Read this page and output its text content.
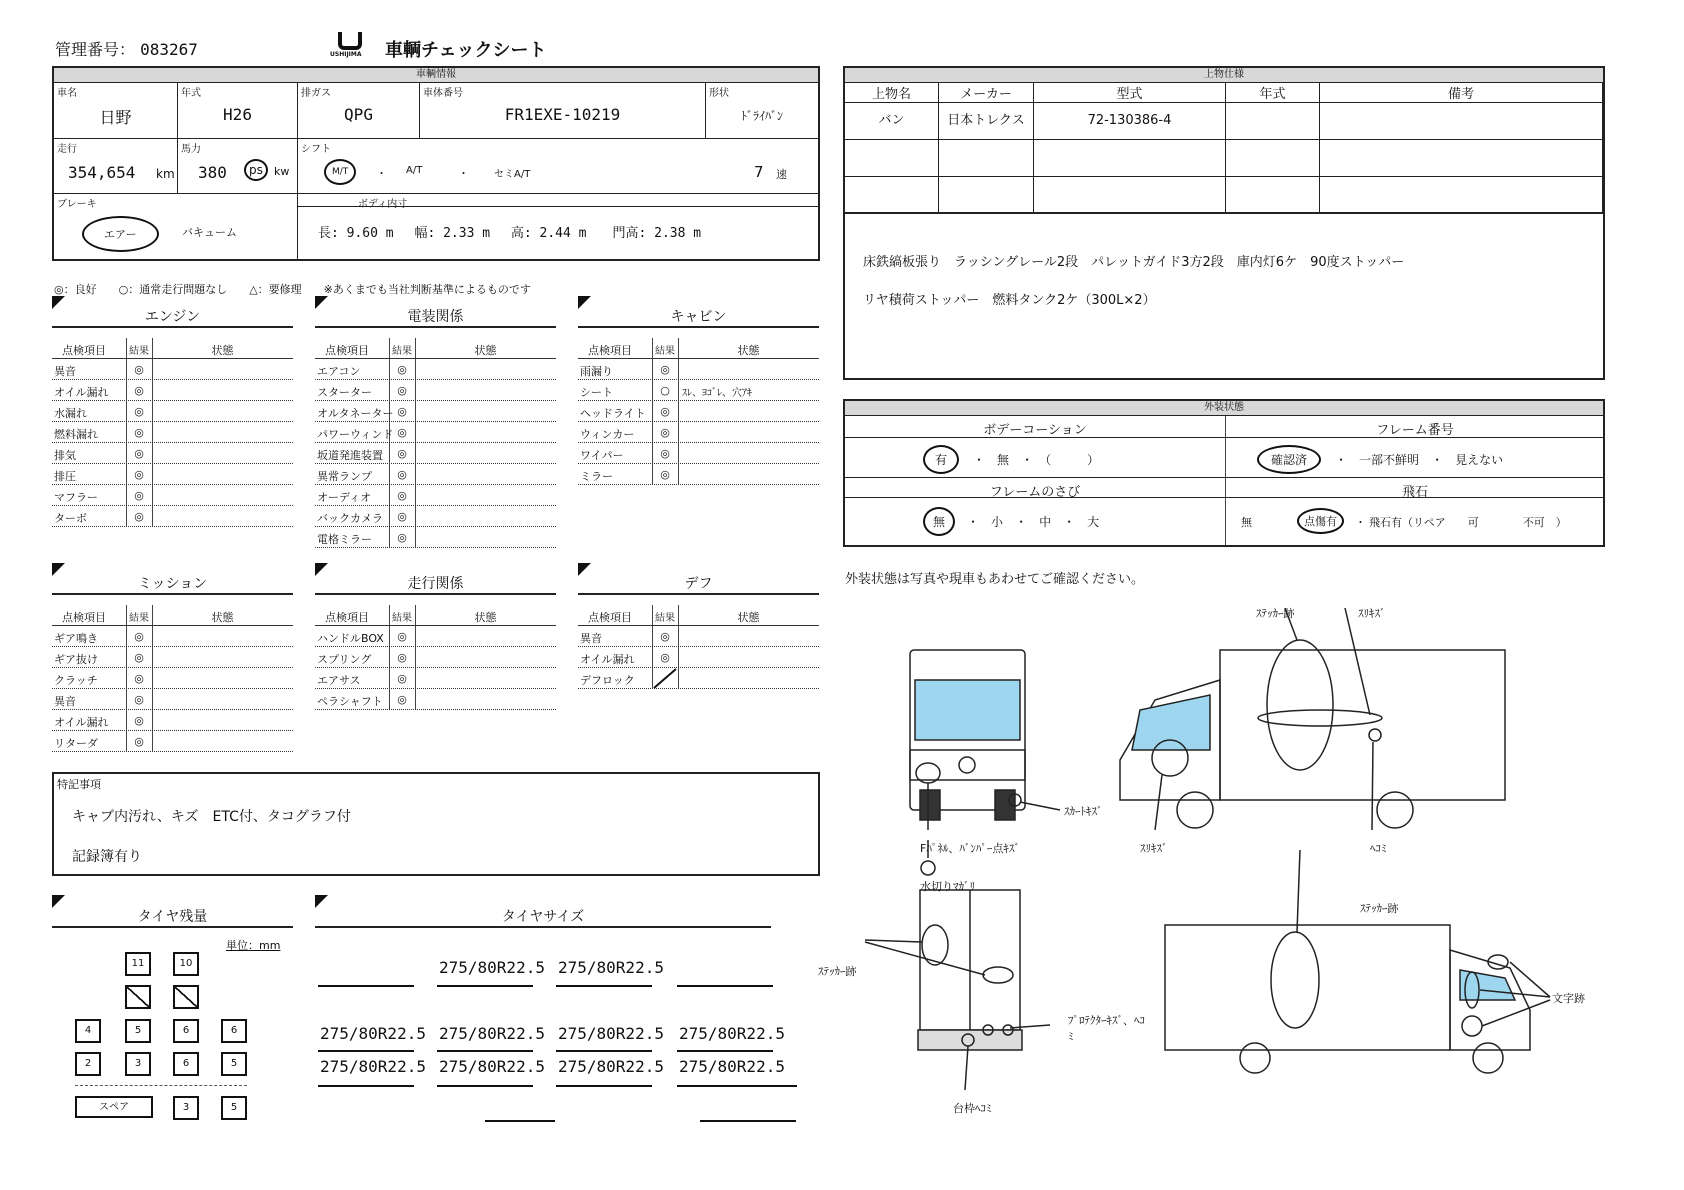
管理番号： 083267	USHIJIMA 車輌チェックシート
車輌情報
車名
日野
年式
H26
排ガス
QPG
車体番号
FR1EXE-10219
形状
ﾄﾞﾗｲﾊﾞﾝ
走行
354,654 km
馬力
380	ps	kw
シフト
M/T	・ A/T	・	セミA/T	7 速
ブレーキ
エアー	バキューム
ボディ内寸
長: 9.60 m　 幅: 2.33 m　 高: 2.44 m　　門高: 2.38 m
◎：良好　　○：通常走行問題なし　　△：要修理　　※あくまでも当社判断基準によるものです
エンジン
点検項目	結果	状態
異音	◎
オイル漏れ	◎
水漏れ	◎
燃料漏れ	◎
排気	◎
排圧	◎
マフラー	◎
ターボ	◎
電装関係
点検項目	結果	状態
エアコン	◎
スターター	◎
オルタネーター ◎
パワーウィンド ◎
坂道発進装置	◎
異常ランプ	◎
オーディオ	◎
バックカメラ	◎
電格ミラー	◎
キャビン
点検項目	結果	状態
雨漏り	◎
シート	○	ｽﾚ、ﾖｺﾞﾚ、穴ｱｷ
ヘッドライト	◎
ウィンカー	◎
ワイパー	◎
ミラー	◎
ミッション
点検項目	結果	状態
ギア鳴き	◎
ギア抜け	◎
クラッチ	◎
異音	◎
オイル漏れ	◎
リターダ	◎
走行関係
点検項目	結果	状態
ハンドルBOX	◎
スプリング	◎
エアサス	◎
ペラシャフト	◎
デフ
点検項目	結果	状態
異音	◎
オイル漏れ	◎
デフロック
特記事項
キャブ内汚れ、キズ　ETC付、タコグラフ付
記録簿有り
タイヤ残量
単位：mm
11	10
4	5	6	6
2	3	6	5
スペア	3	5
タイヤサイズ
275/80R22.5 275/80R22.5
275/80R22.5 275/80R22.5 275/80R22.5 275/80R22.5
275/80R22.5 275/80R22.5 275/80R22.5 275/80R22.5
上物仕様
上物名
バン
メーカー
日本トレクス
型式
72-130386-4
年式	備考
床鉄縞板張り　ラッシングレール2段　パレットガイド3方2段　庫内灯6ケ　90度ストッパー
リヤ積荷ストッパー　燃料タンク2ケ（300L×2）
外装状態
ボデーコーション	フレーム番号
有	・　 無　 ・　 （　　　）	確認済	・　 一部不鮮明　 ・　 見えない
フレームのさび	飛石
無	・　 小　 ・　 中　 ・　 大	無	点傷有	・ 飛石有（リペア　　可　　　　不可　）
外装状態は写真や現車もあわせてご確認ください。
ｽﾃｯｶｰ跡	ｽﾘｷｽﾞ
ｽｶｰﾄｷｽﾞ
Fﾊﾟﾈﾙ、ﾊﾞﾝﾊﾟｰ点ｷｽﾞ	ｽﾘｷｽﾞ	ﾍｺﾐ
水切りﾏｶﾞﾘ
ｽﾃｯｶｰ跡
ﾌﾟﾛﾃｸﾀｰｷｽﾞ、ﾍｺﾐ
台枠ﾍｺﾐ
ｽﾃｯｶｰ跡
文字跡
